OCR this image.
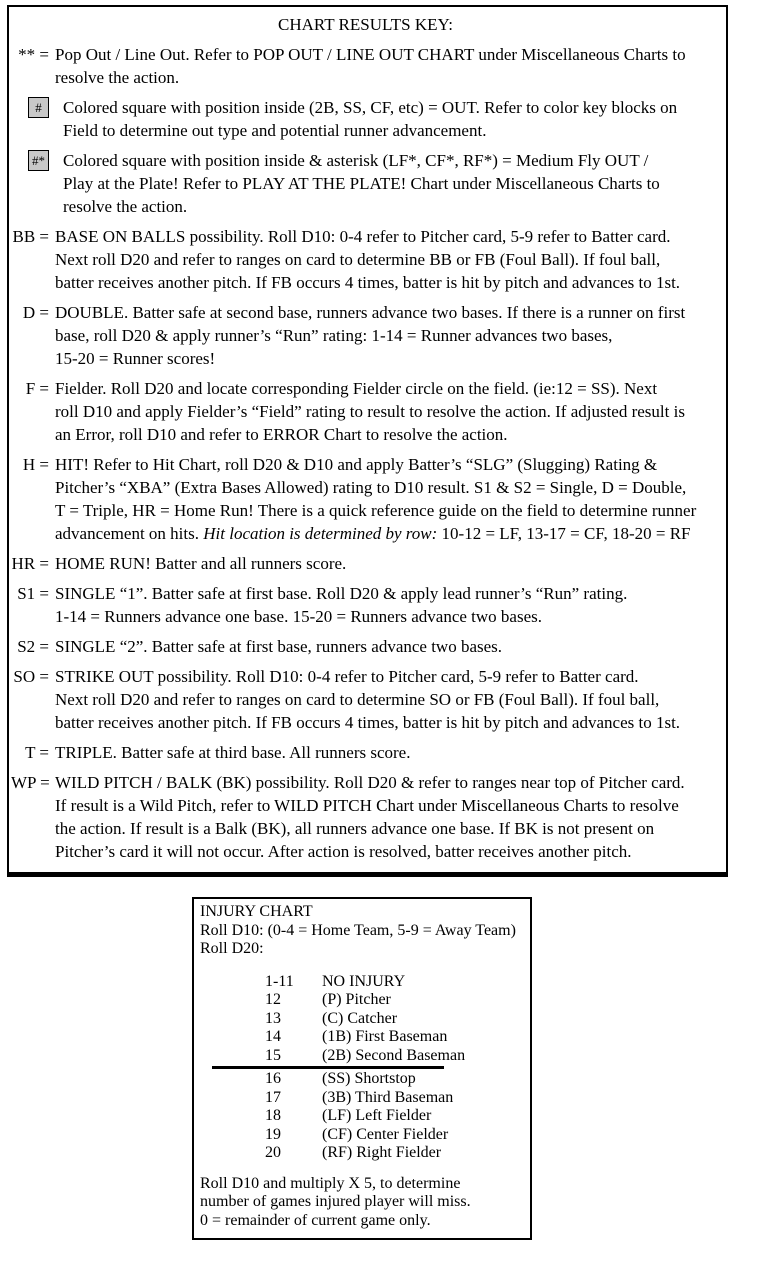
CHART RESULTS KEY:
** = Pop Out / Line Out. Refer to POP OUT / LINE OUT CHART under Miscellaneous Charts to
resolve the action.
#	Colored square with position inside (2B, SS, CF, etc) = OUT. Refer to color key blocks on
Field to determine out type and potential runner advancement.
#* Colored square with position inside & asterisk (LF*, CF*, RF*) = Medium Fly OUT /
Play at the Plate! Refer to PLAY AT THE PLATE! Chart under Miscellaneous Charts to
resolve the action.
BB = BASE ON BALLS possibility. Roll D10: 0-4 refer to Pitcher card, 5-9 refer to Batter card.
Next roll D20 and refer to ranges on card to determine BB or FB (Foul Ball). If foul ball,
batter receives another pitch. If FB occurs 4 times, batter is hit by pitch and advances to 1st.
D = DOUBLE. Batter safe at second base, runners advance two bases. If there is a runner on first
base, roll D20 & apply runner’s “Run” rating: 1-14 = Runner advances two bases,
15-20 = Runner scores!
F = Fielder. Roll D20 and locate corresponding Fielder circle on the field. (ie:12 = SS). Next
roll D10 and apply Fielder’s “Field” rating to result to resolve the action. If adjusted result is
an Error, roll D10 and refer to ERROR Chart to resolve the action.
H = HIT! Refer to Hit Chart, roll D20 & D10 and apply Batter’s “SLG” (Slugging) Rating &
Pitcher’s “XBA” (Extra Bases Allowed) rating to D10 result. S1 & S2 = Single, D = Double,
T = Triple, HR = Home Run! There is a quick reference guide on the field to determine runner
advancement on hits. Hit location is determined by row: 10-12 = LF, 13-17 = CF, 18-20 = RF
HR = HOME RUN! Batter and all runners score.
S1 = SINGLE “1”. Batter safe at first base. Roll D20 & apply lead runner’s “Run” rating.
1-14 = Runners advance one base. 15-20 = Runners advance two bases.
S2 = SINGLE “2”. Batter safe at first base, runners advance two bases.
SO = STRIKE OUT possibility. Roll D10: 0-4 refer to Pitcher card, 5-9 refer to Batter card.
Next roll D20 and refer to ranges on card to determine SO or FB (Foul Ball). If foul ball,
batter receives another pitch. If FB occurs 4 times, batter is hit by pitch and advances to 1st.
T = TRIPLE. Batter safe at third base. All runners score.
WP = WILD PITCH / BALK (BK) possibility. Roll D20 & refer to ranges near top of Pitcher card.
If result is a Wild Pitch, refer to WILD PITCH Chart under Miscellaneous Charts to resolve
the action. If result is a Balk (BK), all runners advance one base. If BK is not present on
Pitcher’s card it will not occur. After action is resolved, batter receives another pitch.
INJURY CHART
Roll D10: (0-4 = Home Team, 5-9 = Away Team)
Roll D20:
1-11	NO INJURY
12	(P) Pitcher
13	(C) Catcher
14	(1B) First Baseman
15	(2B) Second Baseman
16	(SS) Shortstop
17	(3B) Third Baseman
18	(LF) Left Fielder
19	(CF) Center Fielder
20	(RF) Right Fielder
Roll D10 and multiply X 5, to determine
number of games injured player will miss.
0 = remainder of current game only.
